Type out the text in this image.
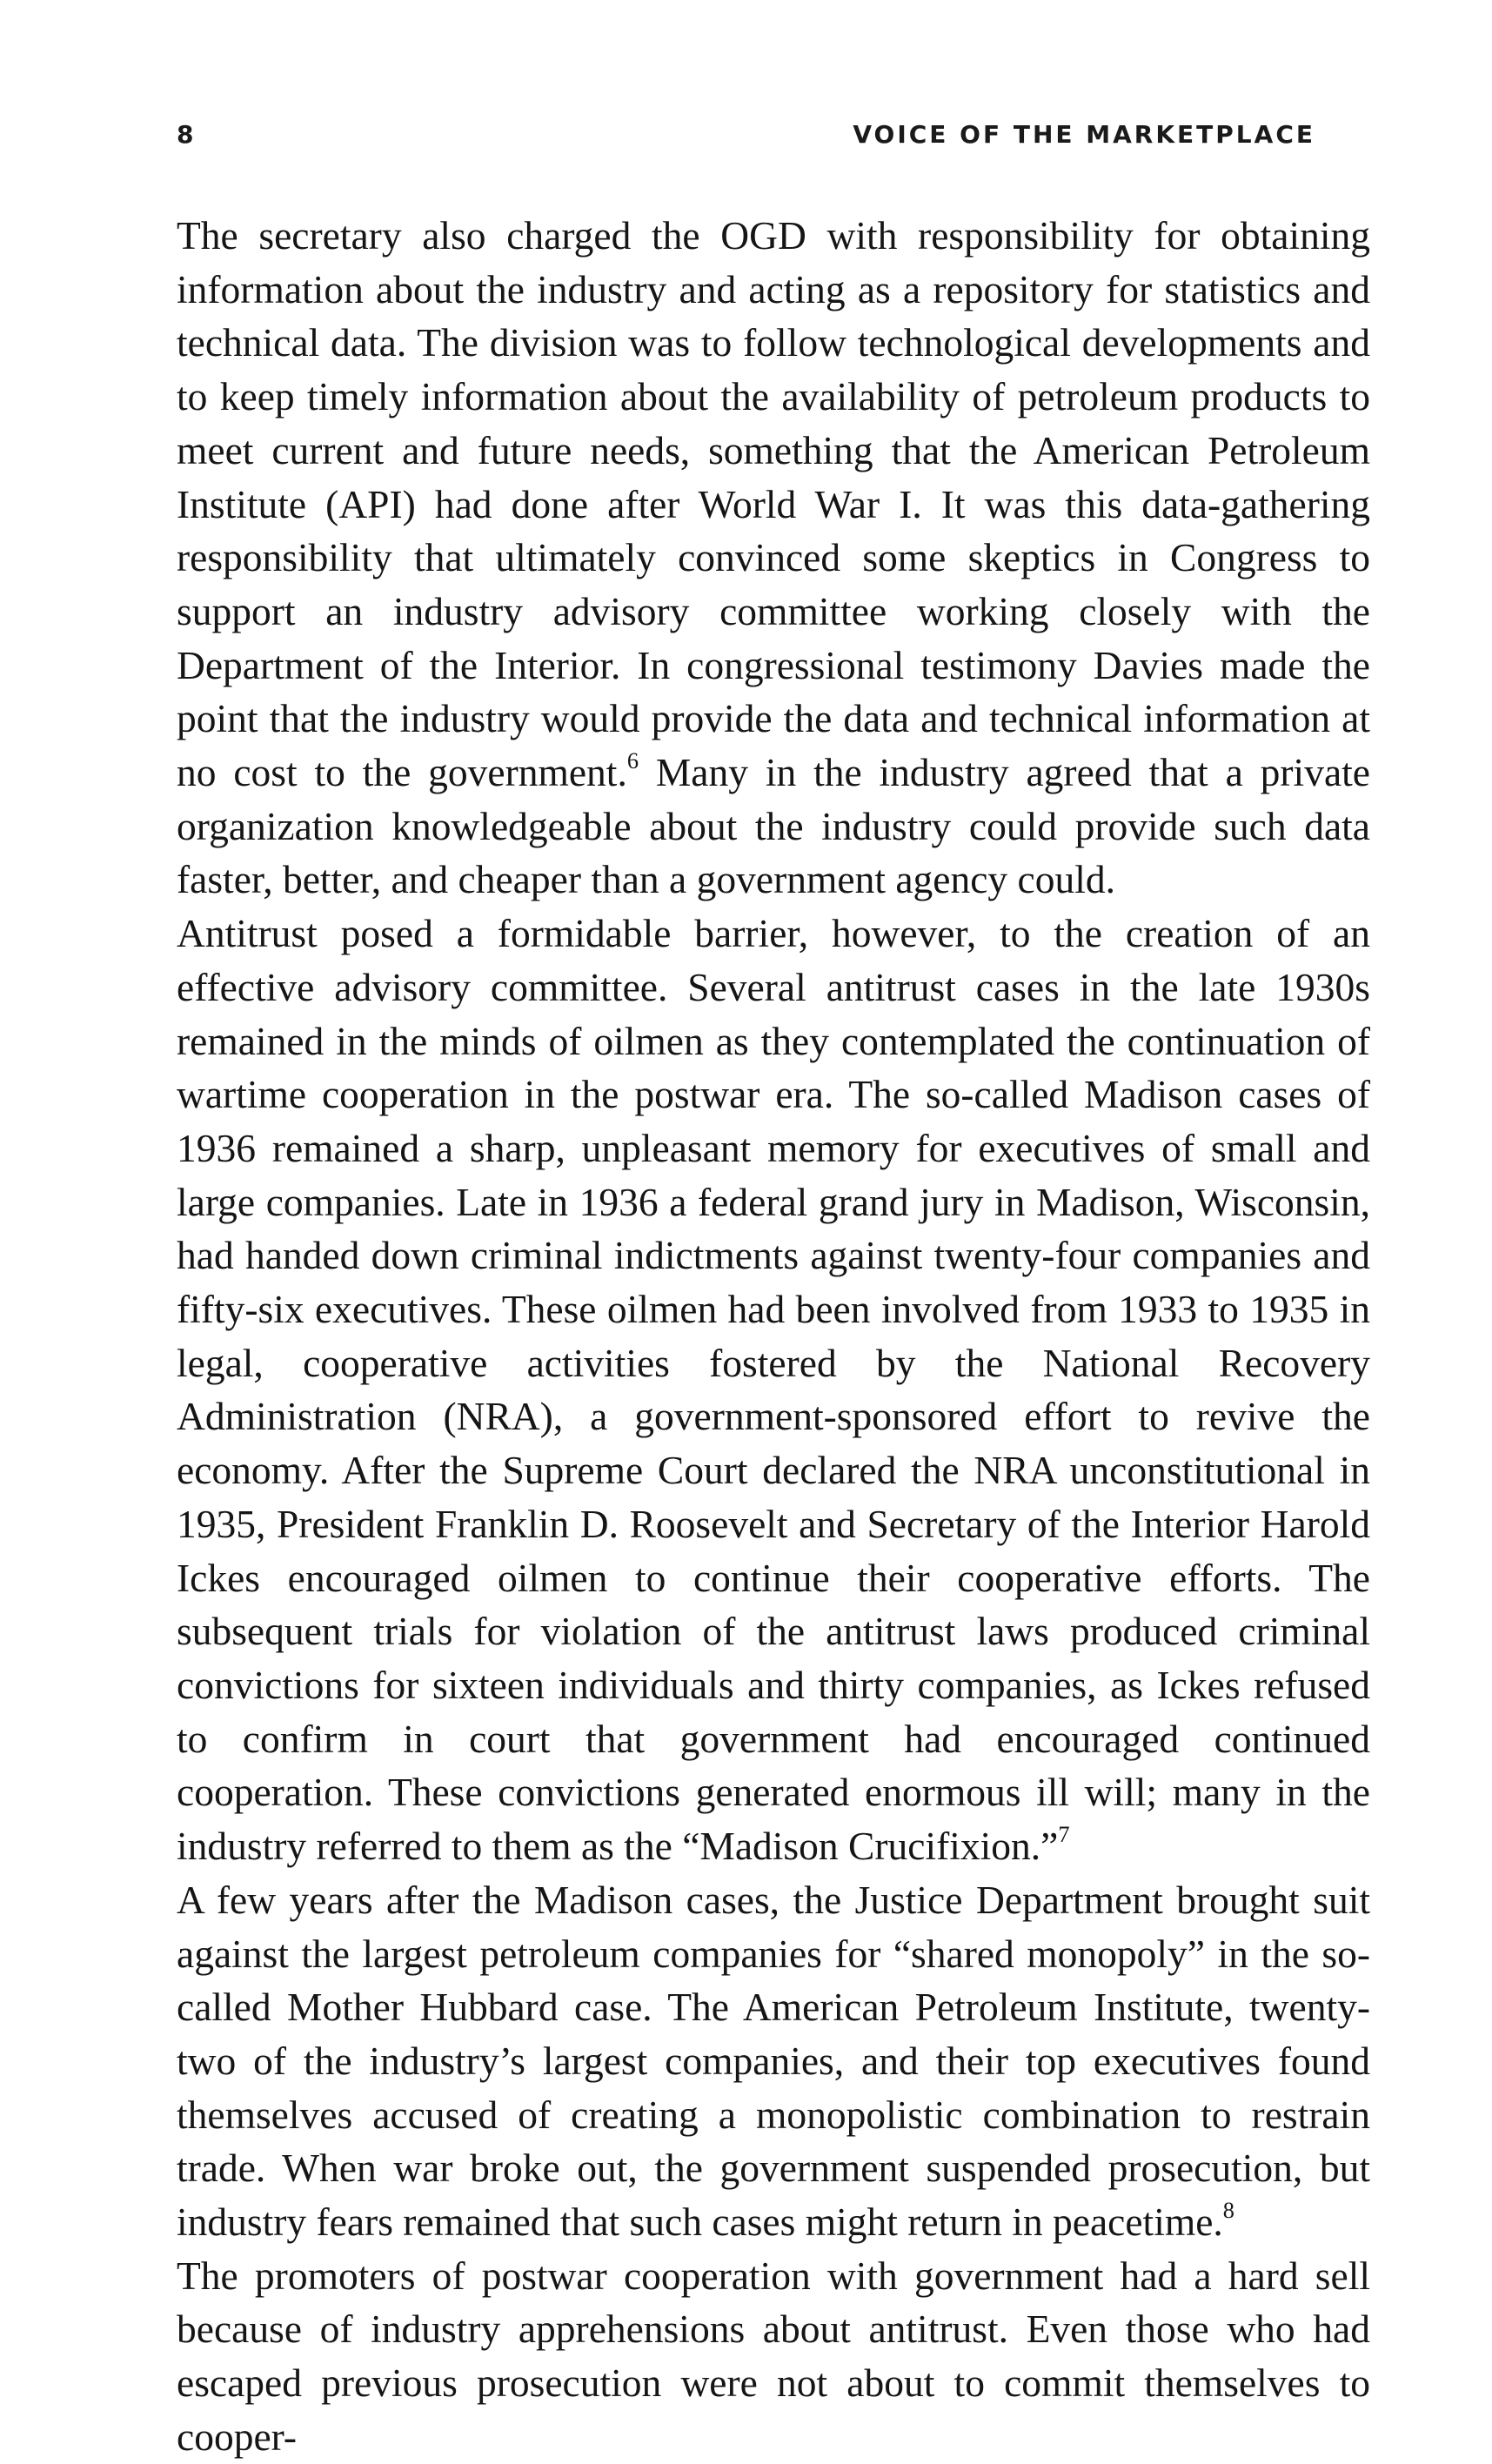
8	VOICE OF THE MARKETPLACE

The secretary also charged the OGD with responsibility for obtaining information about the industry and acting as a repository for statistics and technical data. The division was to follow technological developments and to keep timely information about the availability of petroleum products to meet current and future needs, something that the American Petroleum Institute (API) had done after World War I. It was this data-gathering responsibility that ultimately convinced some skeptics in Congress to support an industry advisory committee working closely with the Department of the Interior. In congressional testimony Davies made the point that the industry would provide the data and technical information at no cost to the government.$^6$ Many in the industry agreed that a private organization knowledgeable about the industry could provide such data faster, better, and cheaper than a government agency could.

Antitrust posed a formidable barrier, however, to the creation of an effective advisory committee. Several antitrust cases in the late 1930s remained in the minds of oilmen as they contemplated the continuation of wartime cooperation in the postwar era. The so-called Madison cases of 1936 remained a sharp, unpleasant memory for executives of small and large companies. Late in 1936 a federal grand jury in Madison, Wisconsin, had handed down criminal indictments against twenty-four companies and fifty-six executives. These oilmen had been involved from 1933 to 1935 in legal, cooperative activities fostered by the National Recovery Administration (NRA), a government-sponsored effort to revive the economy. After the Supreme Court declared the NRA unconstitutional in 1935, President Franklin D. Roosevelt and Secretary of the Interior Harold Ickes encouraged oilmen to continue their cooperative efforts. The subsequent trials for violation of the antitrust laws produced criminal convictions for sixteen individuals and thirty companies, as Ickes refused to confirm in court that government had encouraged continued cooperation. These convictions generated enormous ill will; many in the industry referred to them as the “Madison Crucifixion.”$^7$

A few years after the Madison cases, the Justice Department brought suit against the largest petroleum companies for “shared monopoly” in the so-called Mother Hubbard case. The American Petroleum Institute, twenty-two of the industry’s largest companies, and their top executives found themselves accused of creating a monopolistic combination to restrain trade. When war broke out, the government suspended prosecution, but industry fears remained that such cases might return in peacetime.$^8$

The promoters of postwar cooperation with government had a hard sell because of industry apprehensions about antitrust. Even those who had escaped previous prosecution were not about to commit themselves to cooper-
